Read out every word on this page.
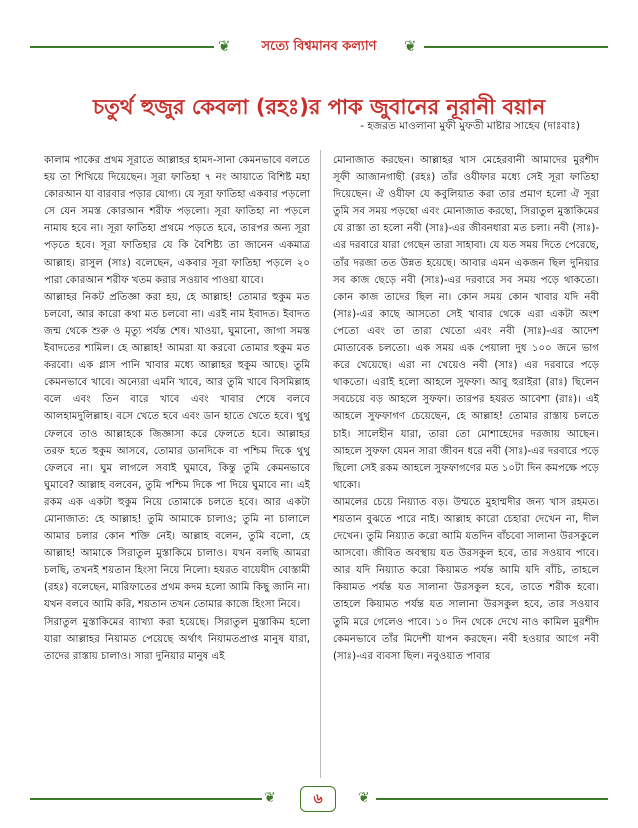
❦	সত্যে বিশ্বমানব কল্যাণ	❦
চতুর্থ হুজুর কেবলা (রহঃ)র পাক জুবানের নূরানী বয়ান
- হজরত মাওলানা মুফী মুফতী মাষ্টার সাহেব (দাঃবাঃ)

কালাম পাকের প্রথম সূরাতে আল্লাহর হামদ-সানা কেমনভাবে বলতে হয় তা শিখিয়ে দিয়েছেন। সূরা ফাতিহা ৭ নং আয়াতে বিশিষ্ট মহা কোরআন যা বারবার পড়ার যোগ্য। যে সূরা ফাতিহা একবার পড়লো সে যেন সমস্ত কোরআন শরীফ পড়লো। সূরা ফাতিহা না পড়লে নামায হবে না। সূরা ফাতিহা প্রথমে পড়তে হবে, তারপর অন্য সূরা পড়তে হবে। সূরা ফাতিহার যে কি বৈশিষ্ট্য তা জানেন একমাত্র আল্লাহ। রাসুল (সাঃ) বলেছেন, একবার সূরা ফাতিহা পড়লে ২০ পারা কোরআন শরীফ খতম করার সওয়াব পাওয়া যাবে।

আল্লাহর নিকট প্রতিজ্ঞা করা হয়, হে আল্লাহ! তোমার হুকুম মত চলবো, আর কারো কথা মত চলবো না। এরই নাম ইবাদত। ইবাদত জন্ম থেকে শুরু ও মৃত্যু পর্যন্ত শেষ। খাওয়া, ঘুমানো, জাগা সমস্ত ইবাদতের শামিল। হে আল্লাহ! আমরা যা করবো তোমার হুকুম মত করবো। এক গ্লাস পানি খাবার মধ্যে আল্লাহর হুকুম আছে। তুমি কেমনভাবে খাবে। অন্যেরা এমনি খাবে, আর তুমি খাবে বিসমিল্লাহ বলে এবং তিন বারে খাবে এবং খাবার শেষে বলবে আলহামদুলিল্লাহ। বসে খেতে হবে এবং ডান হাতে খেতে হবে। থুথু ফেলবে তাও আল্লাহকে জিজ্ঞাসা করে ফেলতে হবে। আল্লাহর তরফ হতে হুকুম আসবে, তোমার ডানদিকে বা পশ্চিম দিকে থুথু ফেলবে না। ঘুম লাগলে সবাই ঘুমাবে, কিন্তু তুমি কেমনভাবে ঘুমাবে? আল্লাহ বলবেন, তুমি পশ্চিম দিকে পা দিয়ে ঘুমাবে না। এই রকম এক একটা হুকুম নিয়ে তোমাকে চলতে হবে। আর একটা মোনাজাত: হে আল্লাহ! তুমি আমাকে চালাও; তুমি না চালালে আমার চলার কোন শক্তি নেই। আল্লাহ বলেন, তুমি বলো, হে আল্লাহ! আমাকে সিরাতুল মুস্তাকিমে চালাও। যখন বলছি আমরা চলছি, তখনই শয়তান হিংসা নিয়ে নিলো। হযরত বায়েযীদ বোস্তামী (রহঃ) বলেছেন, মারিফাতের প্রথম কদম হলো আমি কিছু জানি না। যখন বলবে আমি করি, শয়তান তখন তোমার কাজে হিংসা নিবে।

সিরাতুল মুস্তাকিমের ব্যাখ্যা করা হয়েছে। সিরাতুল মুস্তাকিম হলো যারা আল্লাহর নিয়ামত পেয়েছে অর্থাৎ নিয়ামতপ্রাপ্ত মানুষ যারা, তাদের রাস্তায় চালাও। সারা দুনিয়ার মানুষ এই

মোনাজাত করছেন। আল্লাহর খাস মেহেরবানী আমাদের মুরশীদ সূফী আজানগাছী (রহঃ) তাঁর ওযীফার মধ্যে সেই সূরা ফাতিহা দিয়েছেন। ঐ ওযীফা যে কবুলিয়াত করা তার প্রমাণ হলো ঐ সূরা তুমি সব সময় পড়ছো এবং মোনাজাত করছো, সিরাতুল মুস্তাকিমের যে রাস্তা তা হলো নবী (সাঃ)-এর জীবনধারা মত চলা। নবী (সাঃ)-এর দরবারে যারা গেছেন তারা সাহাবা। যে যত সময় দিতে পেরেছে, তাঁর দরজা তত উন্নত হয়েছে। আবার এমন একজন ছিল দুনিয়ার সব কাজ ছেড়ে নবী (সাঃ)-এর দরবারে সব সময় পড়ে থাকতো। কোন কাজ তাদের ছিল না। কোন সময় কোন খাবার যদি নবী (সাঃ)-এর কাছে আসতো সেই খাবার থেকে এরা একটা অংশ পেতো এবং তা তারা খেতো এবং নবী (সাঃ)-এর আদেশ মোতাবেক চলতো। এক সময় এক পেয়ালা দুধ ১০০ জনে ভাগ করে খেয়েছে। এরা না খেয়েও নবী (সাঃ) এর দরবারে পড়ে থাকতো। এরাই হলো আহলে সুফফা। আবু হুরাইরা (রাঃ) ছিলেন সবচেয়ে বড় আহলে সুফফা। তারপর হযরত আবেশা (রাঃ)। এই আহলে সুফফাগণ চেয়েছেন, হে আল্লাহ! তোমার রাস্তায় চলতে চাই। সালেহীন যারা, তারা তো মোশাহেদের দরজায় আছেন। আহলে সুফফা যেমন সারা জীবন ধরে নবী (সাঃ)-এর দরবারে পড়ে ছিলো সেই রকম আহলে সুফফাগণের মত ১০টা দিন কমপক্ষে পড়ে থাকো।

আমলের চেয়ে নিয়্যাত বড়। উম্মতে মুহাম্মদীর জন্য খাস রহমত। শয়তান বুঝতে পারে নাই। আল্লাহ কারো চেহারা দেখেন না, দীল দেখেন। তুমি নিয়্যাত করো আমি যতদিন বাঁচবো সালানা উরসকুলে আসবো। জীবিত অবস্থায় যত উরসকুল হবে, তার সওয়াব পাবে। আর যদি নিয়্যাত করো কিয়ামত পর্যন্ত আমি যদি বাঁচি, তাহলে কিয়ামত পর্যন্ত যত সালানা উরসকুল হবে, তাতে শরীক হবো। তাহলে কিয়ামত পর্যন্ত যত সালানা উরসকুল হবে, তার সওয়াব তুমি মরে গেলেও পাবে। ১০ দিন থেকে দেখে নাও কামিল মুরশীদ কেমনভাবে তাঁর মিদেশী যাপন করছেন। নবী হওয়ার আগে নবী (সাঃ)-এর ব্যবসা ছিল। নবুওয়াত পাবার

❦	৬	❦
